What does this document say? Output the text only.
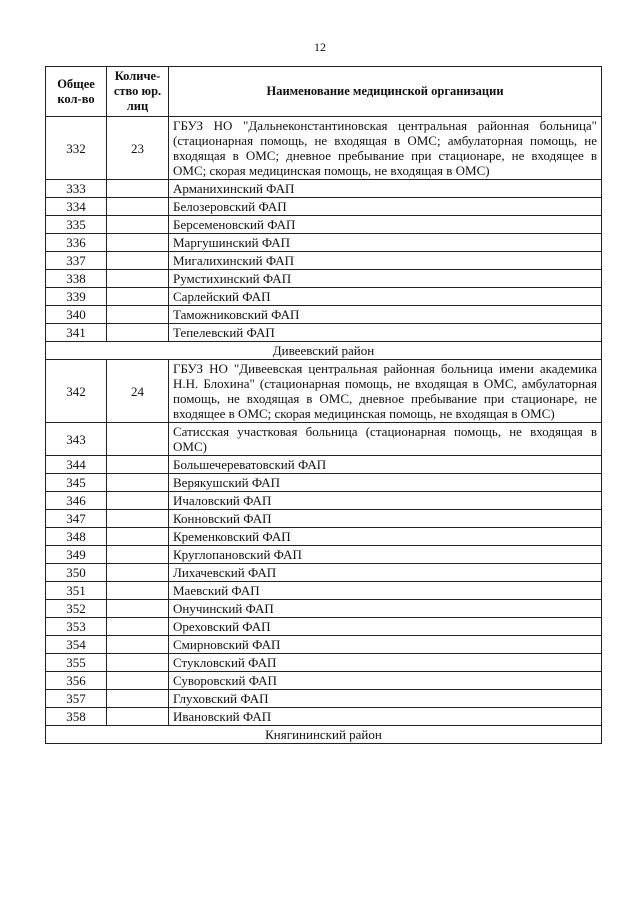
12
Общее кол-во	Количе-ство юр. лиц	Наименование медицинской организации
332	23	ГБУЗ НО "Дальнеконстантиновская центральная районная больница" (стационарная помощь, не входящая в ОМС; амбулаторная помощь, не входящая в ОМС; дневное пребывание при стационаре, не входящее в ОМС; скорая медицинская помощь, не входящая в ОМС)
333		Арманихинский ФАП
334		Белозеровский ФАП
335		Берсеменовский ФАП
336		Маргушинский ФАП
337		Мигалихинский ФАП
338		Румстихинский ФАП
339		Сарлейский ФАП
340		Таможниковский ФАП
341		Тепелевский ФАП
Дивеевский район		
342	24	ГБУЗ НО "Дивеевская центральная районная больница имени академика Н.Н. Блохина" (стационарная помощь, не входящая в ОМС, амбулаторная помощь, не входящая в ОМС, дневное пребывание при стационаре, не входящее в ОМС; скорая медицинская помощь, не входящая в ОМС)
343		Сатисская участковая больница (стационарная помощь, не входящая в ОМС)
344		Большечереватовский ФАП
345		Верякушский ФАП
346		Ичаловский ФАП
347		Конновский ФАП
348		Кременковский ФАП
349		Круглопановский ФАП
350		Лихачевский ФАП
351		Маевский ФАП
352		Онучинский ФАП
353		Ореховский ФАП
354		Смирновский ФАП
355		Стукловский ФАП
356		Суворовский ФАП
357		Глуховский ФАП
358		Ивановский ФАП
Княгининский район		
